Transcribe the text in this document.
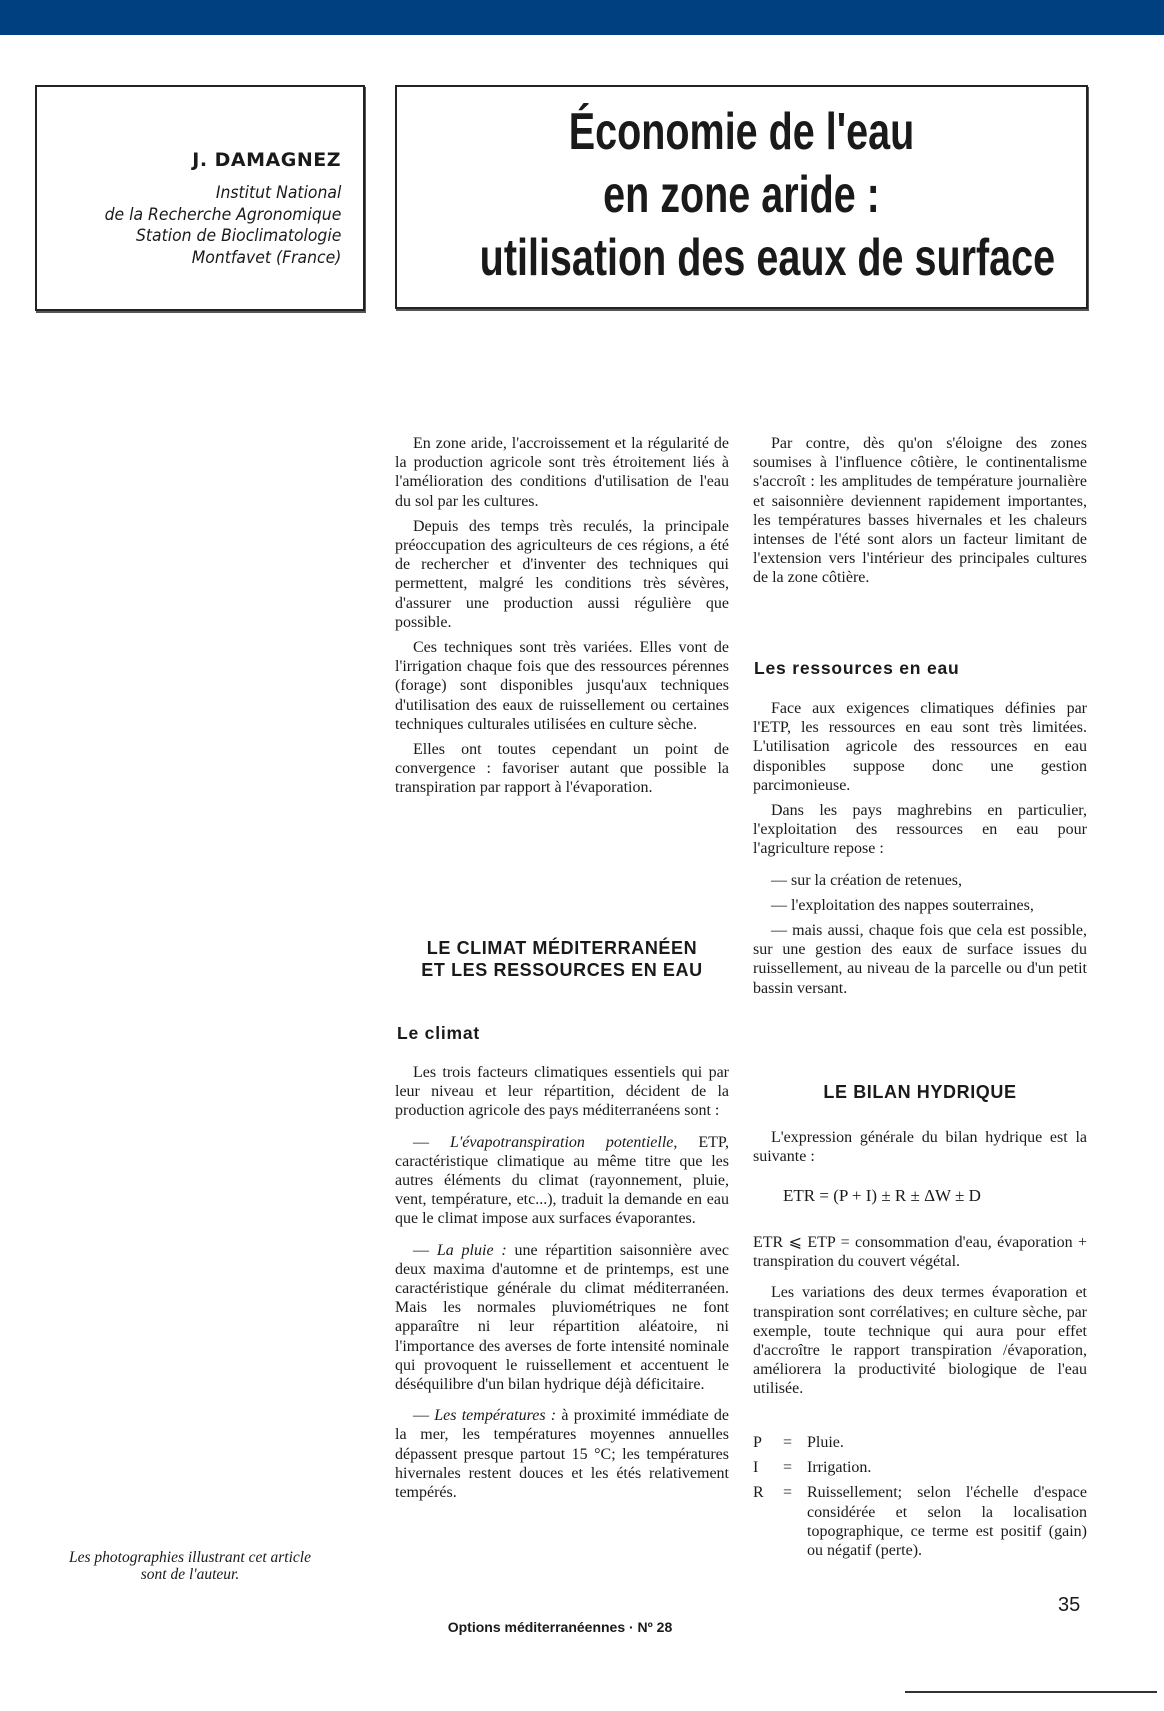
J. DAMAGNEZ
Institut National
de la Recherche Agronomique
Station de Bioclimatologie
Montfavet (France)
Économie de l'eau
en zone aride :
utilisation des eaux de surface

En zone aride, l'accroissement et la régularité de la production agricole sont très étroitement liés à l'amélioration des conditions d'utilisation de l'eau du sol par les cultures.

Depuis des temps très reculés, la principale préoccupation des agriculteurs de ces régions, a été de rechercher et d'inventer des techniques qui permettent, malgré les conditions très sévères, d'assurer une production aussi régulière que possible.

Ces techniques sont très variées. Elles vont de l'irrigation chaque fois que des ressources pérennes (forage) sont disponibles jusqu'aux techniques d'utilisation des eaux de ruissellement ou certaines techniques culturales utilisées en culture sèche.

Elles ont toutes cependant un point de convergence : favoriser autant que possible la transpiration par rapport à l'évaporation.

LE CLIMAT MÉDITERRANÉEN
ET LES RESSOURCES EN EAU
Le climat

Les trois facteurs climatiques essentiels qui par leur niveau et leur répartition, décident de la production agricole des pays méditerranéens sont :

— L'évapotranspiration potentielle, ETP, caractéristique climatique au même titre que les autres éléments du climat (rayonnement, pluie, vent, température, etc...), traduit la demande en eau que le climat impose aux surfaces évaporantes.

— La pluie : une répartition saisonnière avec deux maxima d'automne et de printemps, est une caractéristique générale du climat méditerranéen. Mais les normales pluviométriques ne font apparaître ni leur répartition aléatoire, ni l'importance des averses de forte intensité nominale qui provoquent le ruissellement et accentuent le déséquilibre d'un bilan hydrique déjà déficitaire.

— Les températures : à proximité immédiate de la mer, les températures moyennes annuelles dépassent presque partout 15 °C; les températures hivernales restent douces et les étés relativement tempérés.

Par contre, dès qu'on s'éloigne des zones soumises à l'influence côtière, le continentalisme s'accroît : les amplitudes de température journalière et saisonnière deviennent rapidement importantes, les températures basses hivernales et les chaleurs intenses de l'été sont alors un facteur limitant de l'extension vers l'intérieur des principales cultures de la zone côtière.

Les ressources en eau

Face aux exigences climatiques définies par l'ETP, les ressources en eau sont très limitées. L'utilisation agricole des ressources en eau disponibles suppose donc une gestion parcimonieuse.

Dans les pays maghrebins en particulier, l'exploitation des ressources en eau pour l'agriculture repose :

— sur la création de retenues,

— l'exploitation des nappes souterraines,

— mais aussi, chaque fois que cela est possible, sur une gestion des eaux de surface issues du ruissellement, au niveau de la parcelle ou d'un petit bassin versant.

LE BILAN HYDRIQUE

L'expression générale du bilan hydrique est la suivante :

ETR = (P + I) ± R ± ΔW ± D

ETR ⩽ ETP = consommation d'eau, évaporation + transpiration du couvert végétal.

Les variations des deux termes évaporation et transpiration sont corrélatives; en culture sèche, par exemple, toute technique qui aura pour effet d'accroître le rapport transpiration /évaporation, améliorera la productivité biologique de l'eau utilisée.

P	= Pluie.
I	= Irrigation.
R	= Ruissellement; selon l'échelle d'espace considérée et selon la localisation topographique, ce terme est positif (gain) ou négatif (perte).
Les photographies illustrant cet article
sont de l'auteur.
Options méditerranéennes · Nº 28
35
